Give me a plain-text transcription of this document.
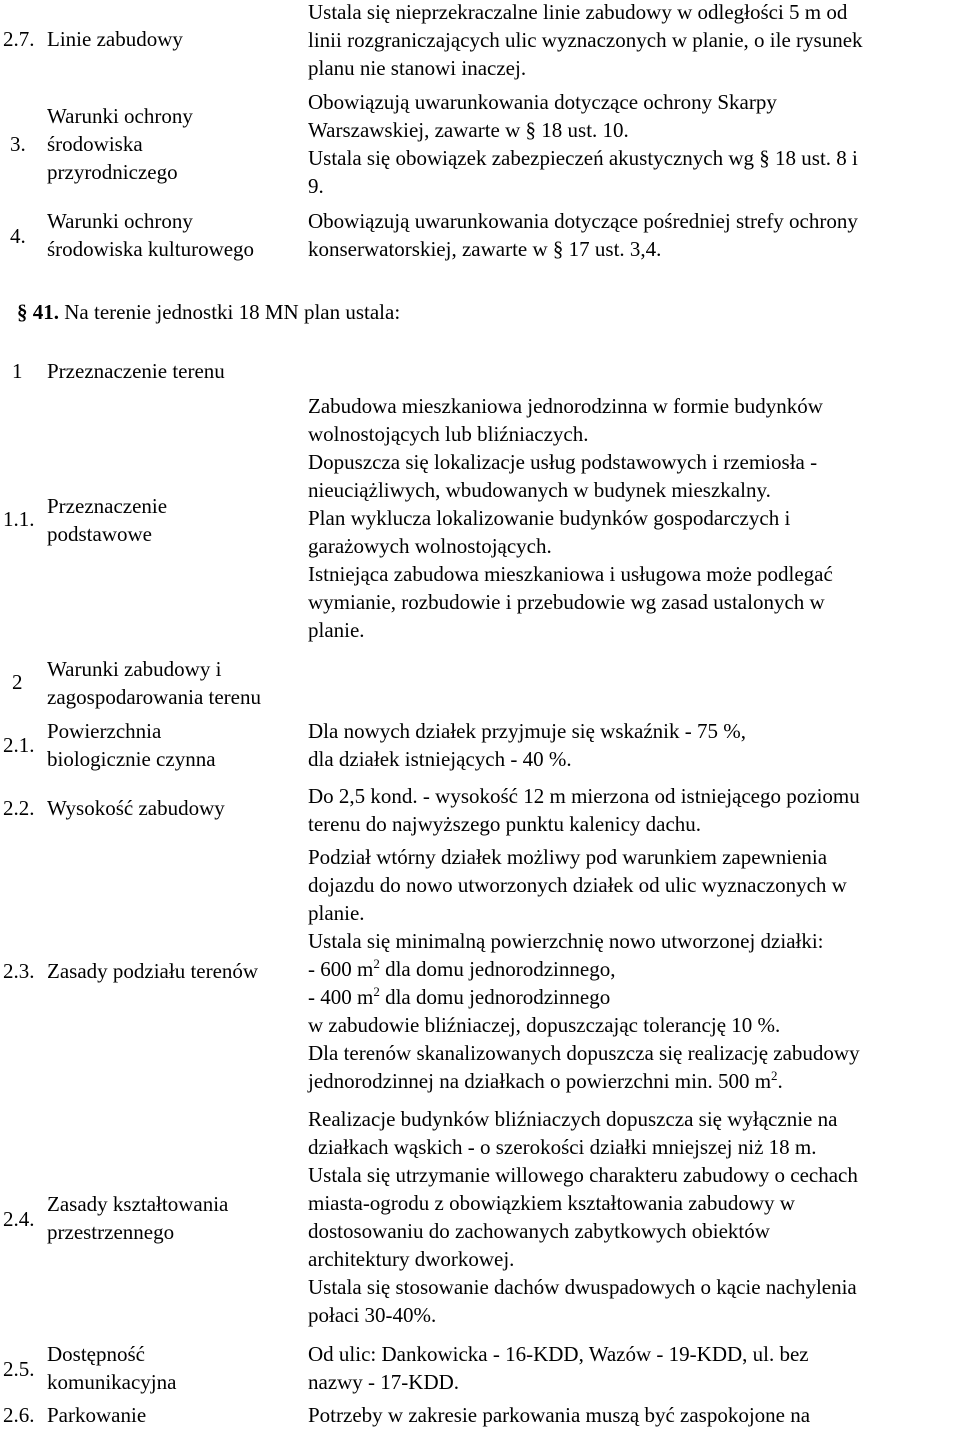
2.7. Linie zabudowy
Ustala się nieprzekraczalne linie zabudowy w odległości 5 m od
linii rozgraniczających ulic wyznaczonych w planie, o ile rysunek
planu nie stanowi inaczej.
3.
Warunki ochrony
środowiska
przyrodniczego
Obowiązują uwarunkowania dotyczące ochrony Skarpy
Warszawskiej, zawarte w § 18 ust. 10.
Ustala się obowiązek zabezpieczeń akustycznych wg § 18 ust. 8 i
9.
4.
Warunki ochrony
środowiska kulturowego
Obowiązują uwarunkowania dotyczące pośredniej strefy ochrony
konserwatorskiej, zawarte w § 17 ust. 3,4.
§ 41. Na terenie jednostki 18 MN plan ustala:
1 Przeznaczenie terenu
1.1.
Przeznaczenie
podstawowe
Zabudowa mieszkaniowa jednorodzinna w formie budynków
wolnostojących lub bliźniaczych.
Dopuszcza się lokalizacje usług podstawowych i rzemiosła -
nieuciążliwych, wbudowanych w budynek mieszkalny.
Plan wyklucza lokalizowanie budynków gospodarczych i
garażowych wolnostojących.
Istniejąca zabudowa mieszkaniowa i usługowa może podlegać
wymianie, rozbudowie i przebudowie wg zasad ustalonych w
planie.
2
Warunki zabudowy i
zagospodarowania terenu
2.1.
Powierzchnia
biologicznie czynna
Dla nowych działek przyjmuje się wskaźnik - 75 %,
dla działek istniejących - 40 %.
2.2. Wysokość zabudowy	Do 2,5 kond. - wysokość 12 m mierzona od istniejącego poziomu
terenu do najwyższego punktu kalenicy dachu.
2.3. Zasady podziału terenów
Podział wtórny działek możliwy pod warunkiem zapewnienia
dojazdu do nowo utworzonych działek od ulic wyznaczonych w
planie.
Ustala się minimalną powierzchnię nowo utworzonej działki:
- 600 $m^2$ dla domu jednorodzinnego,
- 400 $m^2$ dla domu jednorodzinnego
w zabudowie bliźniaczej, dopuszczając tolerancję 10 %.
Dla terenów skanalizowanych dopuszcza się realizację zabudowy
jednorodzinnej na działkach o powierzchni min. 500 $m^2$.
2.4.
Zasady kształtowania
przestrzennego
Realizacje budynków bliźniaczych dopuszcza się wyłącznie na
działkach wąskich - o szerokości działki mniejszej niż 18 m.
Ustala się utrzymanie willowego charakteru zabudowy o cechach
miasta-ogrodu z obowiązkiem kształtowania zabudowy w
dostosowaniu do zachowanych zabytkowych obiektów
architektury dworkowej.
Ustala się stosowanie dachów dwuspadowych o kącie nachylenia
połaci 30-40%.
2.5.
Dostępność
komunikacyjna
Od ulic: Dankowicka - 16-KDD, Wazów - 19-KDD, ul. bez
nazwy - 17-KDD.
2.6. Parkowanie	Potrzeby w zakresie parkowania muszą być zaspokojone na
